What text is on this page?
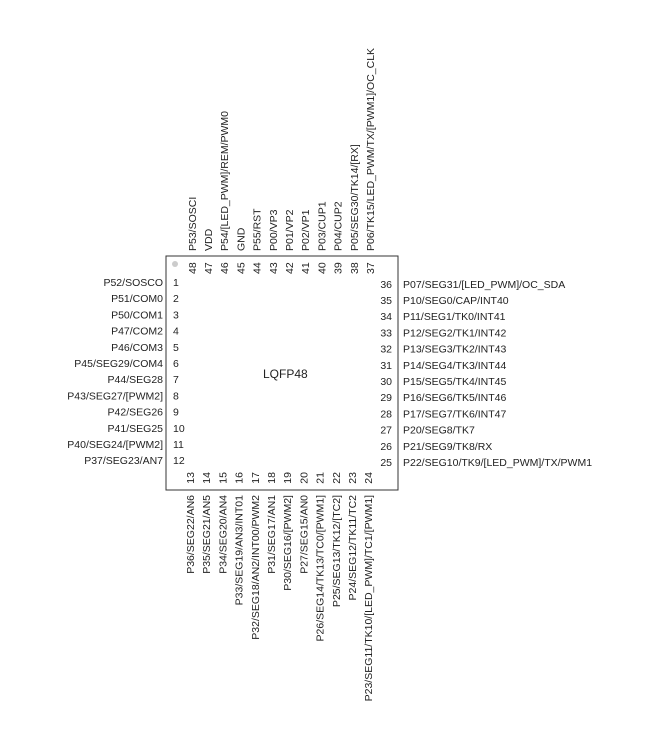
LQFP48
1
P52/SOSCO
2
P51/COM0
3
P50/COM1
4
P47/COM2
5
P46/COM3
6
P45/SEG29/COM4
7
P44/SEG28
8
P43/SEG27/[PWM2]
9
P42/SEG26
10
P41/SEG25
11
P40/SEG24/[PWM2]
12
P37/SEG23/AN7	25 P22/SEG10/TK9/[LED_PWM]/TX/PWM1
26 P21/SEG9/TK8/RX
27 P20/SEG8/TK7
28 P17/SEG7/TK6/INT47
29 P16/SEG6/TK5/INT46
30 P15/SEG5/TK4/INT45
31 P14/SEG4/TK3/INT44
32 P13/SEG3/TK2/INT43
33 P12/SEG2/TK1/INT42
34 P11/SEG1/TK0/INT41
35 P10/SEG0/CAP/INT40
36 P07/SEG31/[LED_PWM]/OC_SDA
13
P36/SEG22/AN6
14
P35/SEG21/AN5
15
P34/SEG20/AN4
16
P33/SEG19/AN3/INT01
17
P32/SEG18/AN2/INT00/PWM2
18
P31/SEG17/AN1
19
P30/SEG16/[PWM2]
20
P27/SEG15/AN0
21
P26/SEG14/TK13/TC0/[PWM1]
22
P25/SEG13/TK12/[TC2]
23
P24/SEG12/TK11/TC2
24
P23/SEG11/TK10/[LED_PWM]/TC1/[PWM1]
37
P06/TK15/LED_PWM/TX/[PWM1]/OC_CLK
38
P05/SEG30/TK14/[RX]
39
P04/CUP2
40
P03/CUP1
41
P02/VP1
42
P01/VP2
43
P00/VP3
44
P55/RST
45
GND
46
P54/[LED_PWM]/REM/PWM0
47
VDD
48
P53/SOSCI
